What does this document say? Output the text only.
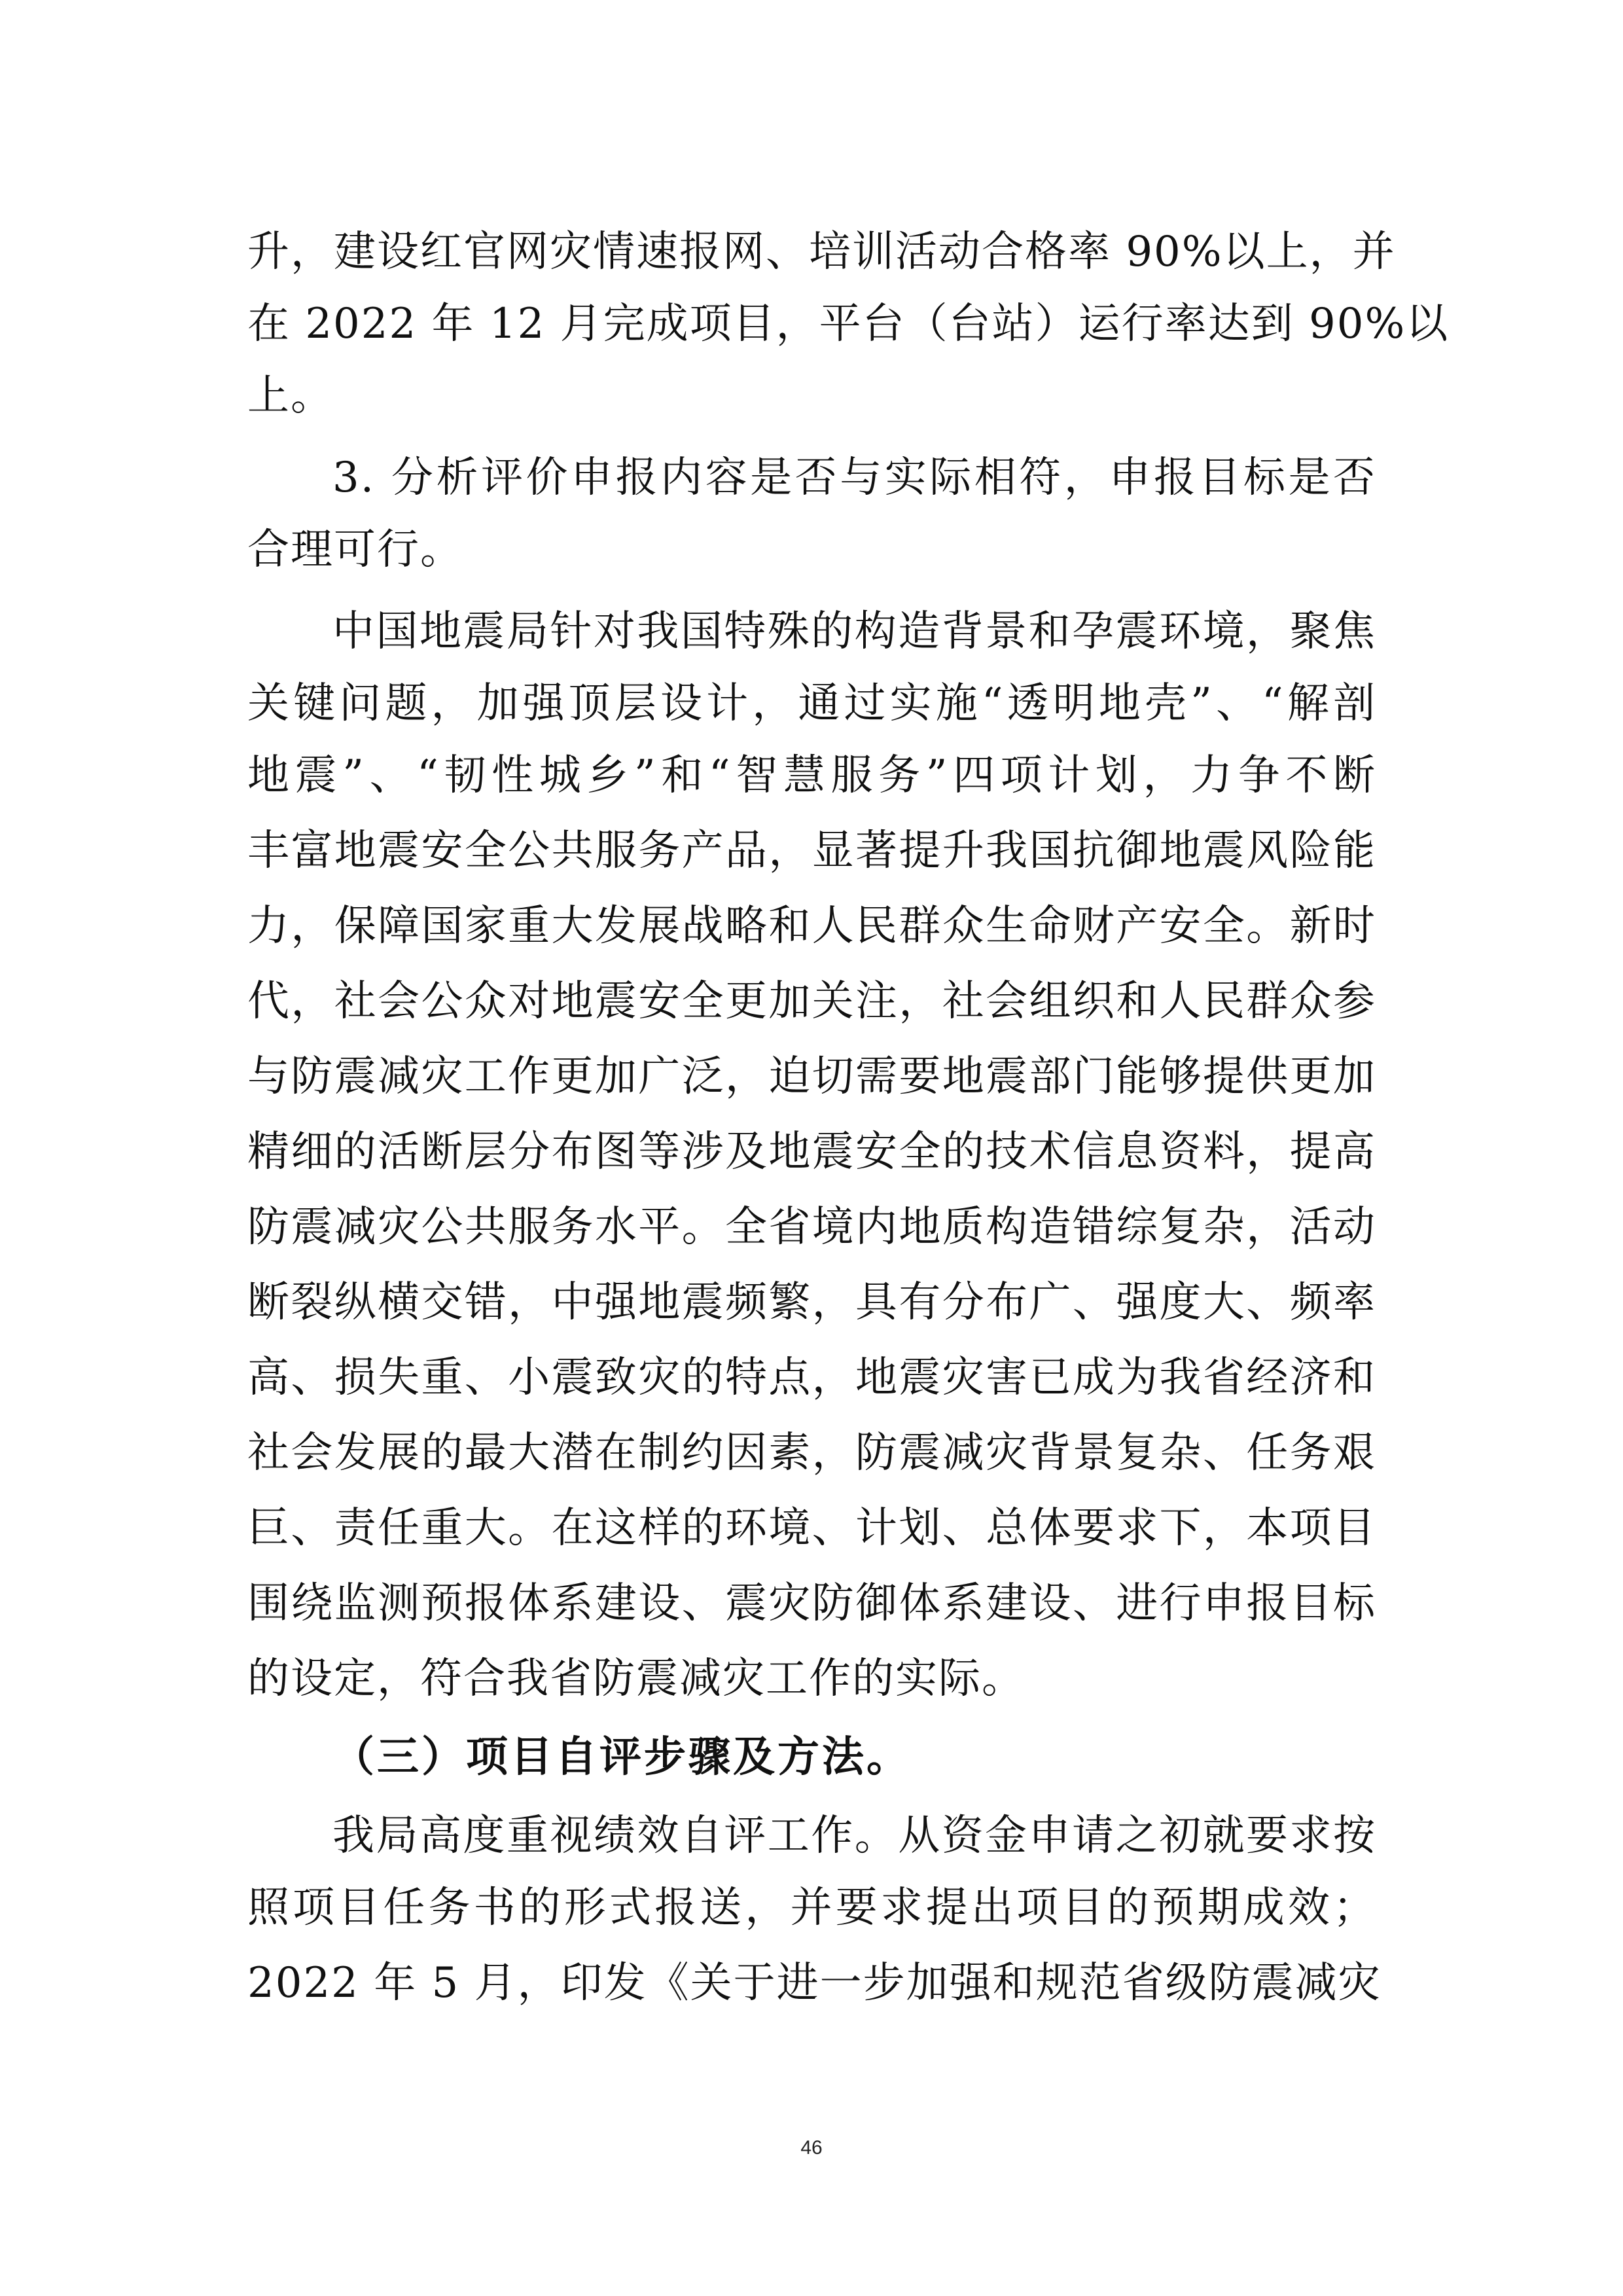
升，建设红官网灾情速报网、培训活动合格率 90%以上，并
在 2022 年 12 月完成项目，平台（台站）运行率达到 90%以
上。
3. 分析评价申报内容是否与实际相符，申报目标是否
合理可行。
中国地震局针对我国特殊的构造背景和孕震环境，聚焦
关键问题，加强顶层设计，通过实施“透明地壳”、“解剖
地震”、“韧性城乡”和“智慧服务”四项计划，力争不断
丰富地震安全公共服务产品，显著提升我国抗御地震风险能
力，保障国家重大发展战略和人民群众生命财产安全。新时
代，社会公众对地震安全更加关注，社会组织和人民群众参
与防震减灾工作更加广泛，迫切需要地震部门能够提供更加
精细的活断层分布图等涉及地震安全的技术信息资料，提高
防震减灾公共服务水平。全省境内地质构造错综复杂，活动
断裂纵横交错，中强地震频繁，具有分布广、强度大、频率
高、损失重、小震致灾的特点，地震灾害已成为我省经济和
社会发展的最大潜在制约因素，防震减灾背景复杂、任务艰
巨、责任重大。在这样的环境、计划、总体要求下，本项目
围绕监测预报体系建设、震灾防御体系建设、进行申报目标
的设定，符合我省防震减灾工作的实际。
（三）项目自评步骤及方法。
我局高度重视绩效自评工作。从资金申请之初就要求按
照项目任务书的形式报送，并要求提出项目的预期成效；
2022 年 5 月，印发《关于进一步加强和规范省级防震减灾
46
